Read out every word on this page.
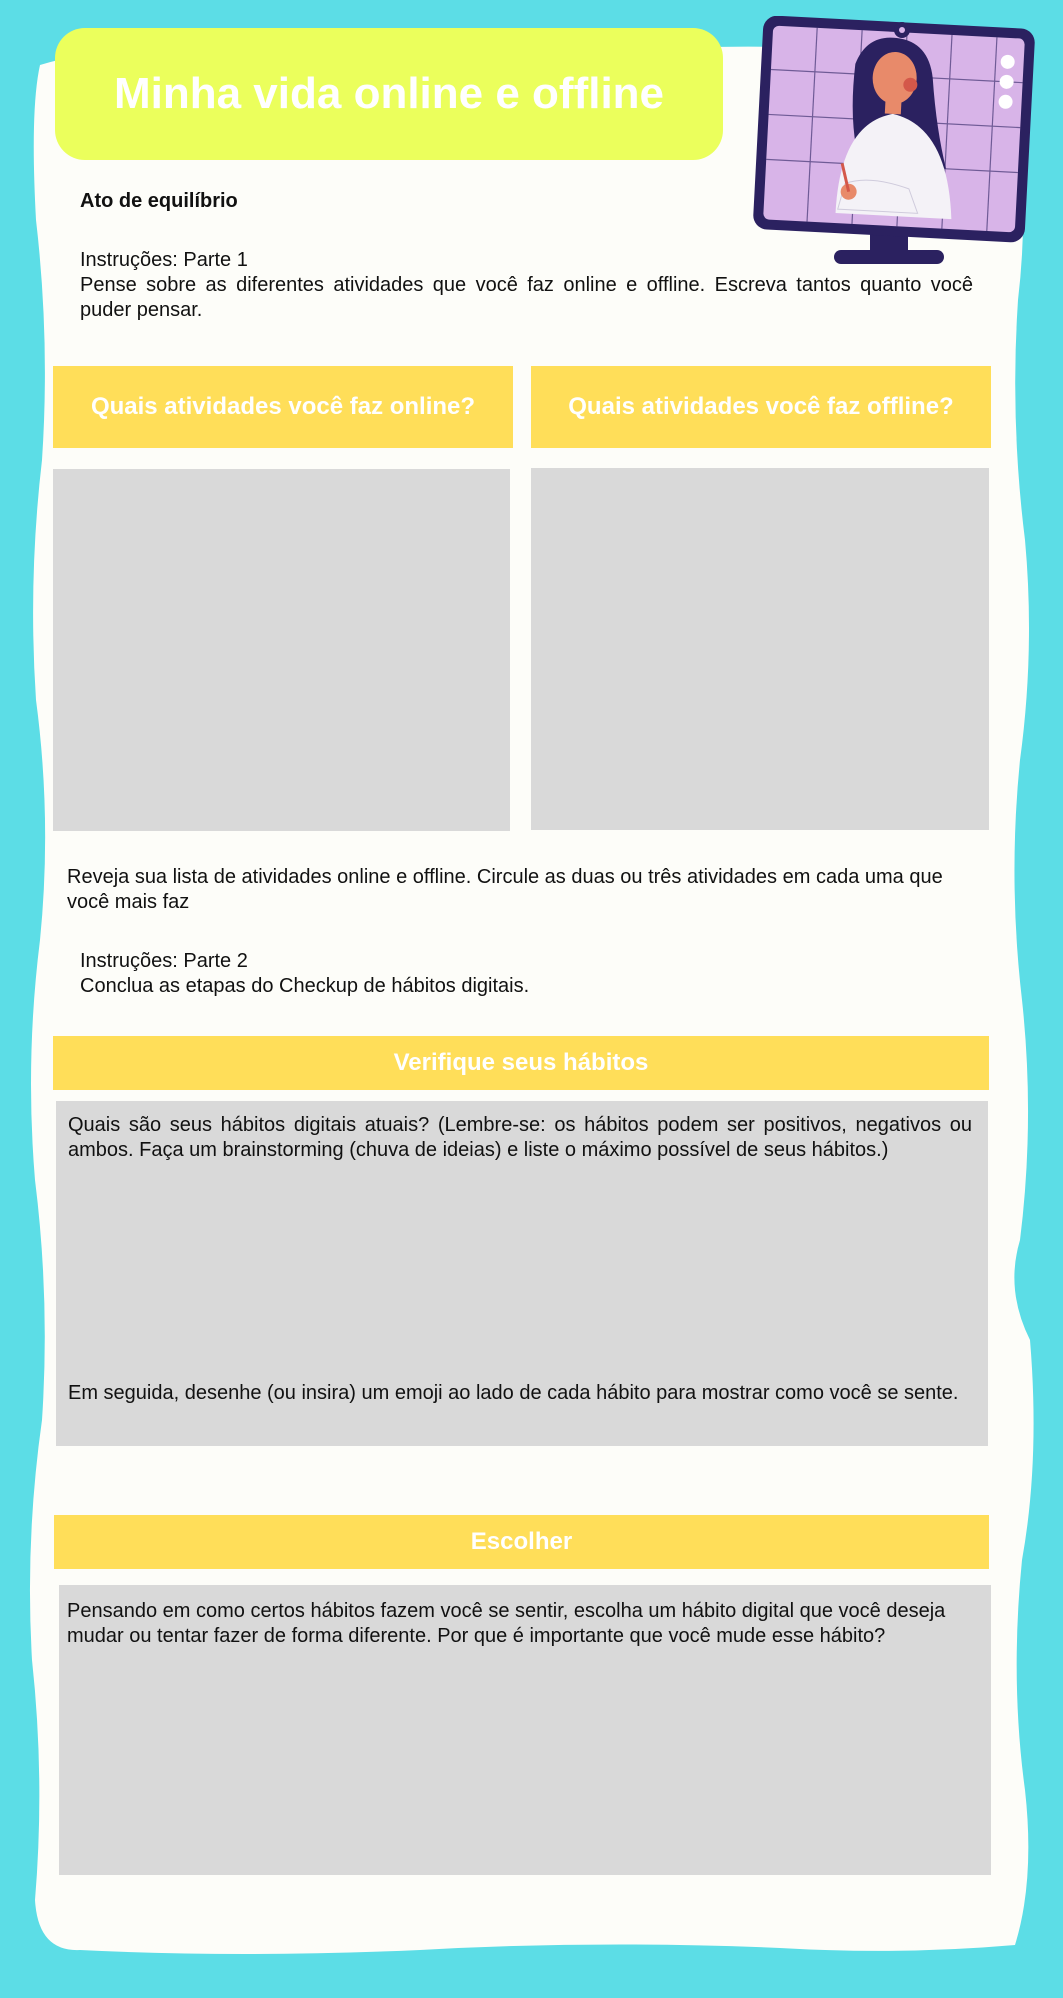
Minha vida online e offline
Ato de equilíbrio
Instruções: Parte 1
Pense sobre as diferentes atividades que você faz online e offline. Escreva tantos quanto você puder pensar.
Quais atividades você faz online?	Quais atividades você faz offline?
Reveja sua lista de atividades online e offline. Circule as duas ou três atividades em cada uma que você mais faz
Instruções: Parte 2
Conclua as etapas do Checkup de hábitos digitais.
Verifique seus hábitos
Quais são seus hábitos digitais atuais? (Lembre-se: os hábitos podem ser positivos, negativos ou ambos. Faça um brainstorming (chuva de ideias) e liste o máximo possível de seus hábitos.)
Em seguida, desenhe (ou insira) um emoji ao lado de cada hábito para mostrar como você se sente.
Escolher
Pensando em como certos hábitos fazem você se sentir, escolha um hábito digital que você deseja mudar ou tentar fazer de forma diferente. Por que é importante que você mude esse hábito?
